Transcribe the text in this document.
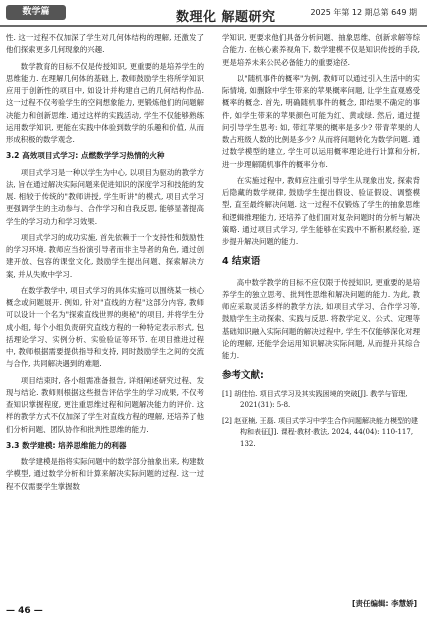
数学篇	数理化 解题研究	2025 年第 12 期总第 649 期

性. 这一过程不仅加深了学生对几何体结构的理解, 还激发了他们探索更多几何现象的兴趣.

数学教育的目标不仅是传授知识, 更重要的是培养学生的思维能力. 在理解几何体的基础上, 教师鼓励学生将所学知识应用于创新性的项目中, 如设计并构建自己的几何结构作品. 这一过程不仅考验学生的空间想象能力, 更锻炼他们的问题解决能力和创新思维. 通过这样的实践活动, 学生不仅能够熟练运用数学知识, 更能在实践中体验到数学的乐趣和价值, 从而形成积极的数学观念.

3.2 高效项目式学习: 点燃数学学习热情的火种

项目式学习是一种以学生为中心, 以项目为驱动的教学方法, 旨在通过解决实际问题来促进知识的深度学习和技能的发展. 相较于传统的"教师讲授, 学生听讲"的模式, 项目式学习更强调学生的主动参与、合作学习和自我反思, 能够显著提高学生的学习动力和学习效果.

项目式学习的成功实施, 首先依赖于一个支持性和鼓励性的学习环境. 教师应当扮演引导者而非主导者的角色, 通过创建开放、包容的课堂文化, 鼓励学生提出问题、探索解决方案, 并从失败中学习.

在数学教学中, 项目式学习的具体实施可以围绕某一核心概念或问题展开. 例如, 针对"直线的方程"这部分内容, 教师可以设计一个名为"探索直线世界的奥秘"的项目, 并将学生分成小组, 每个小组负责研究直线方程的一种特定表示形式, 包括理论学习、实例分析、实验验证等环节. 在项目推进过程中, 教师根据需要提供指导和支持, 同时鼓励学生之间的交流与合作, 共同解决遇到的难题.

项目结束时, 各小组需准备报告, 详细阐述研究过程、发现与结论. 教师则根据这些报告评估学生的学习成果, 不仅考查知识掌握程度, 更注重思维过程和问题解决能力的评价. 这样的教学方式不仅加深了学生对直线方程的理解, 还培养了他们分析问题、团队协作和批判性思维的能力.

3.3 数学建模: 培养思维能力的利器

数学建模是指将实际问题中的数学部分抽象出来, 构建数学模型, 通过数学分析和计算来解决实际问题的过程. 这一过程不仅需要学生掌握数

学知识, 更要求他们具备分析问题、抽象思维、创新求解等综合能力. 在核心素养视角下, 数学建模不仅是知识传授的手段, 更是培养未来公民必备能力的重要途径.

以"随机事件的概率"为例, 教师可以通过引入生活中的实际情境, 如删除中学生带来的苹果概率问题, 让学生直观感受概率的概念. 首先, 明确随机事件的概念, 即结果不确定的事件, 如学生带来的苹果颜色可能为红、黄或绿. 然后, 通过提问引导学生思考: 如, 带红苹果的概率是多少? 带青苹果的人数占班级人数的比例是多少? 从而将问题转化为数学问题. 通过数学模型的建立, 学生可以运用概率理论进行计算和分析, 进一步理解随机事件的概率分布.

在实施过程中, 教师应注重引导学生从现象出发, 探索背后隐藏的数学规律, 鼓励学生提出假设、验证假设、调整模型, 直至最终解决问题. 这一过程不仅锻炼了学生的抽象思维和逻辑推理能力, 还培养了他们面对复杂问题时的分析与解决策略. 通过项目式学习, 学生能够在实践中不断积累经验, 逐步提升解决问题的能力.

4 结束语

高中数学教学的目标不应仅限于传授知识, 更重要的是培养学生的独立思考、批判性思维和解决问题的能力. 为此, 教师应采取灵活多样的教学方法, 如项目式学习、合作学习等, 鼓励学生主动探索、实践与反思. 将教学定义、公式、定理等基础知识融入实际问题的解决过程中, 学生不仅能够深化对理论的理解, 还能学会运用知识解决实际问题, 从而提升其综合能力.

参考文献:

[1] 胡佳怡. 项目式学习及其实践困境的突破[J]. 教学与管理, 2021(31): 5-8.

[2] 赵亚楠, 王磊. 项目式学习中学生合作问题解决能力模型的建构和表征[J]. 课程·教材·教法, 2024, 44(04): 110-117, 132.

[责任编辑: 李慧娇]
— 46 —
